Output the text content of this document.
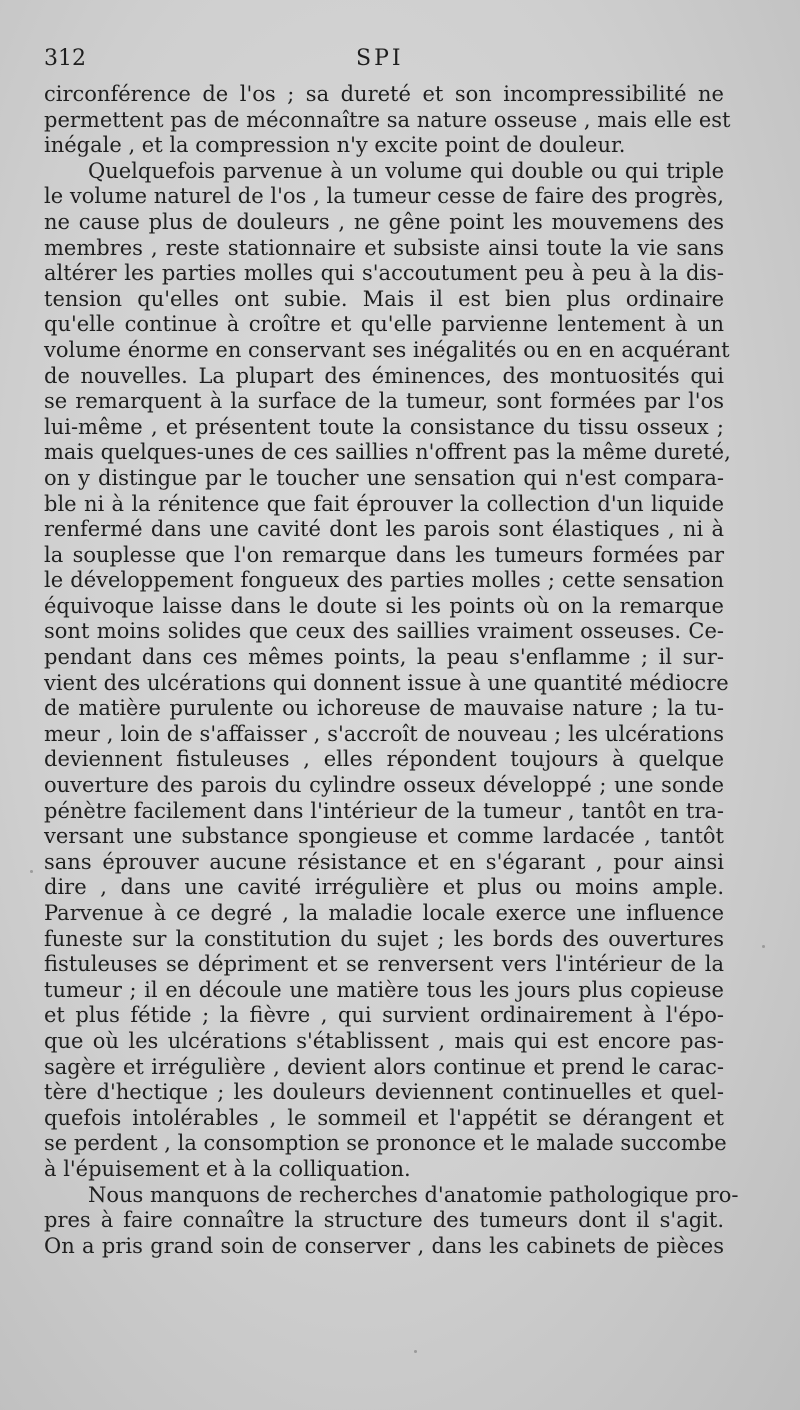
312	SPI
circonférence de l'os ; sa dureté et son incompressibilité ne
permettent pas de méconnaître sa nature osseuse , mais elle est
inégale , et la compression n'y excite point de douleur.
Quelquefois parvenue à un volume qui double ou qui triple
le volume naturel de l'os , la tumeur cesse de faire des progrès,
ne cause plus de douleurs , ne gêne point les mouvemens des
membres , reste stationnaire et subsiste ainsi toute la vie sans
altérer les parties molles qui s'accoutument peu à peu à la dis-
tension qu'elles ont subie. Mais il est bien plus ordinaire
qu'elle continue à croître et qu'elle parvienne lentement à un
volume énorme en conservant ses inégalités ou en en acquérant
de nouvelles. La plupart des éminences, des montuosités qui
se remarquent à la surface de la tumeur, sont formées par l'os
lui-même , et présentent toute la consistance du tissu osseux ;
mais quelques-unes de ces saillies n'offrent pas la même dureté,
on y distingue par le toucher une sensation qui n'est compara-
ble ni à la rénitence que fait éprouver la collection d'un liquide
renfermé dans une cavité dont les parois sont élastiques , ni à
la souplesse que l'on remarque dans les tumeurs formées par
le développement fongueux des parties molles ; cette sensation
équivoque laisse dans le doute si les points où on la remarque
sont moins solides que ceux des saillies vraiment osseuses. Ce-
pendant dans ces mêmes points, la peau s'enflamme ; il sur-
vient des ulcérations qui donnent issue à une quantité médiocre
de matière purulente ou ichoreuse de mauvaise nature ; la tu-
meur , loin de s'affaisser , s'accroît de nouveau ; les ulcérations
deviennent fistuleuses , elles répondent toujours à quelque
ouverture des parois du cylindre osseux développé ; une sonde
pénètre facilement dans l'intérieur de la tumeur , tantôt en tra-
versant une substance spongieuse et comme lardacée , tantôt
sans éprouver aucune résistance et en s'égarant , pour ainsi
dire , dans une cavité irrégulière et plus ou moins ample.
Parvenue à ce degré , la maladie locale exerce une influence
funeste sur la constitution du sujet ; les bords des ouvertures
fistuleuses se dépriment et se renversent vers l'intérieur de la
tumeur ; il en découle une matière tous les jours plus copieuse
et plus fétide ; la fièvre , qui survient ordinairement à l'épo-
que où les ulcérations s'établissent , mais qui est encore pas-
sagère et irrégulière , devient alors continue et prend le carac-
tère d'hectique ; les douleurs deviennent continuelles et quel-
quefois intolérables , le sommeil et l'appétit se dérangent et
se perdent , la consomption se prononce et le malade succombe
à l'épuisement et à la colliquation.
Nous manquons de recherches d'anatomie pathologique pro-
pres à faire connaître la structure des tumeurs dont il s'agit.
On a pris grand soin de conserver , dans les cabinets de pièces
